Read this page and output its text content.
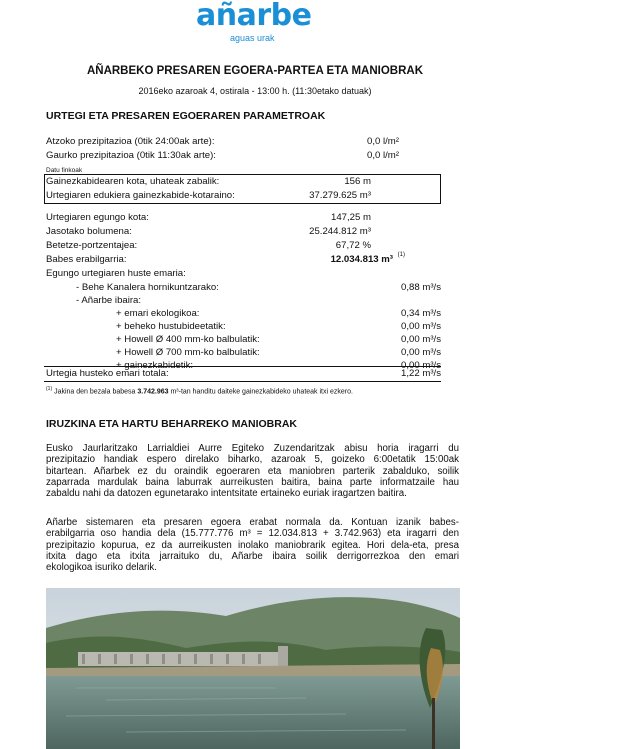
añarbe
aguas urak
AÑARBEKO PRESAREN EGOERA-PARTEA ETA MANIOBRAK
2016eko azaroak 4, ostirala - 13:00 h. (11:30etako datuak)
URTEGI ETA PRESAREN EGOERAREN PARAMETROAK
Atzoko prezipitazioa (0tik 24:00ak arte):	0,0 l/m²
Gaurko prezipitazioa (0tik 11:30ak arte):	0,0 l/m²
Datu finkoak
Gainezkabidearen kota, uhateak zabalik:	156 m
Urtegiaren edukiera gainezkabide-kotaraino:	37.279.625 m³
Urtegiaren egungo kota:	147,25 m
Jasotako bolumena:	25.244.812 m³
Betetze-portzentajea:	67,72 %
Babes erabilgarria:	12.034.813 m³ (1)
Egungo urtegiaren huste emaria:
- Behe Kanalera hornikuntzarako:	0,88 m³/s
- Añarbe ibaira:
+ emari ekologikoa:	0,34 m³/s
+ beheko hustubideetatik:	0,00 m³/s
+ Howell Ø 400 mm-ko balbulatik:	0,00 m³/s
+ Howell Ø 700 mm-ko balbulatik:	0,00 m³/s
+ gainezkabidetik:	0,00 m³/s
Urtegia husteko emari totala:	1,22 m³/s
$^{(1)}$ Jakina den bezala babesa 3.742.963 m³-tan handitu daiteke gainezkabideko uhateak itxi ezkero.
IRUZKINA ETA HARTU BEHARREKO MANIOBRAK
Eusko Jaurlaritzako Larrialdiei Aurre Egiteko Zuzendaritzak abisu horia iragarri du
prezipitazio handiak espero direlako biharko, azaroak 5, goizeko 6:00etatik 15:00ak
bitartean. Añarbek ez du oraindik egoeraren eta maniobren parterik zabalduko, soilik
zaparrada mardulak baina laburrak aurreikusten baitira, baina parte informatzaile hau
zabaldu nahi da datozen egunetarako intentsitate ertaineko euriak iragartzen baitira.
Añarbe sistemaren eta presaren egoera erabat normala da. Kontuan izanik babes-
erabilgarria oso handia dela (15.777.776 m³ = 12.034.813 + 3.742.963) eta iragarri den
prezipitazio kopurua, ez da aurreikusten inolako maniobrarik egitea. Hori dela-eta, presa
itxita dago eta itxita jarraituko du, Añarbe ibaira soilik derrigorrezkoa den emari
ekologikoa isuriko delarik.
